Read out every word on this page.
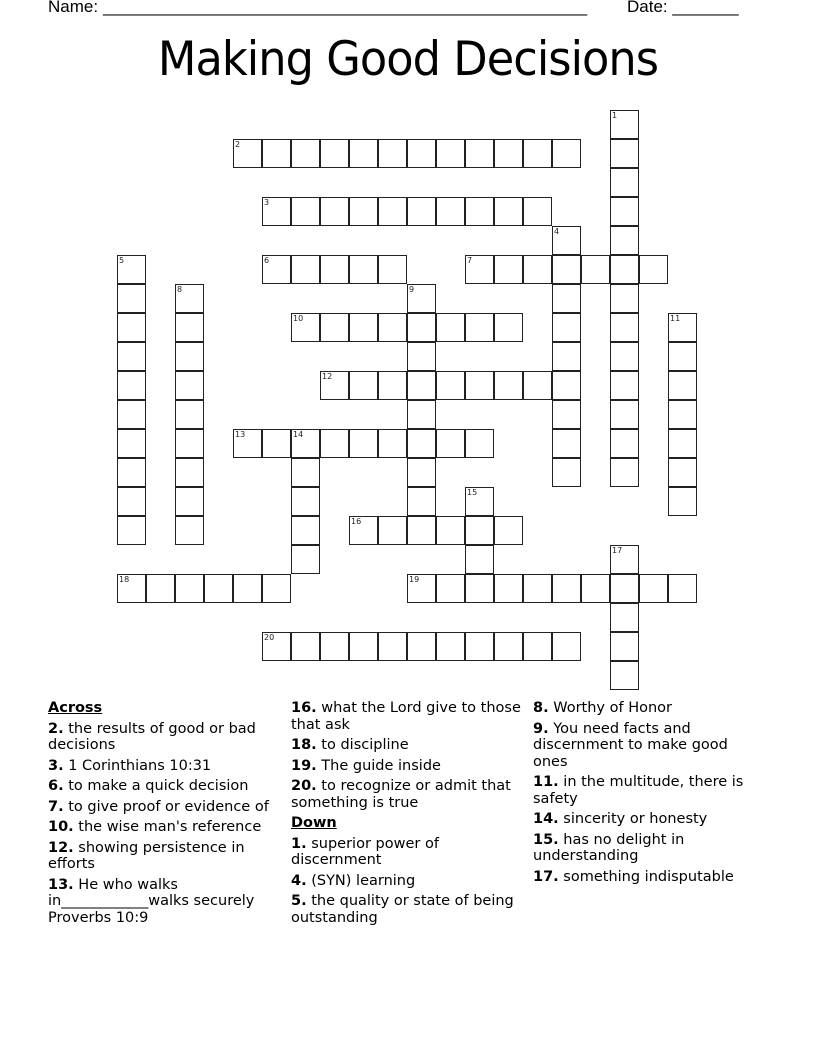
Name: ______________________________________________________ Date: _______
Making Good Decisions
1
2
3
4
5	6	7
8	9
10	11
12
13	14
15
16
17
18	19
20
Across
2. the results of good or bad decisions
3. 1 Corinthians 10:31
6. to make a quick decision
7. to give proof or evidence of
10. the wise man's reference
12. showing persistence in efforts
13. He who walks in____________walks securely Proverbs 10:9
16. what the Lord give to those that ask
18. to discipline
19. The guide inside
20. to recognize or admit that something is true
Down
1. superior power of discernment
4. (SYN) learning
5. the quality or state of being outstanding
8. Worthy of Honor
9. You need facts and discernment to make good ones
11. in the multitude, there is safety
14. sincerity or honesty
15. has no delight in understanding
17. something indisputable
